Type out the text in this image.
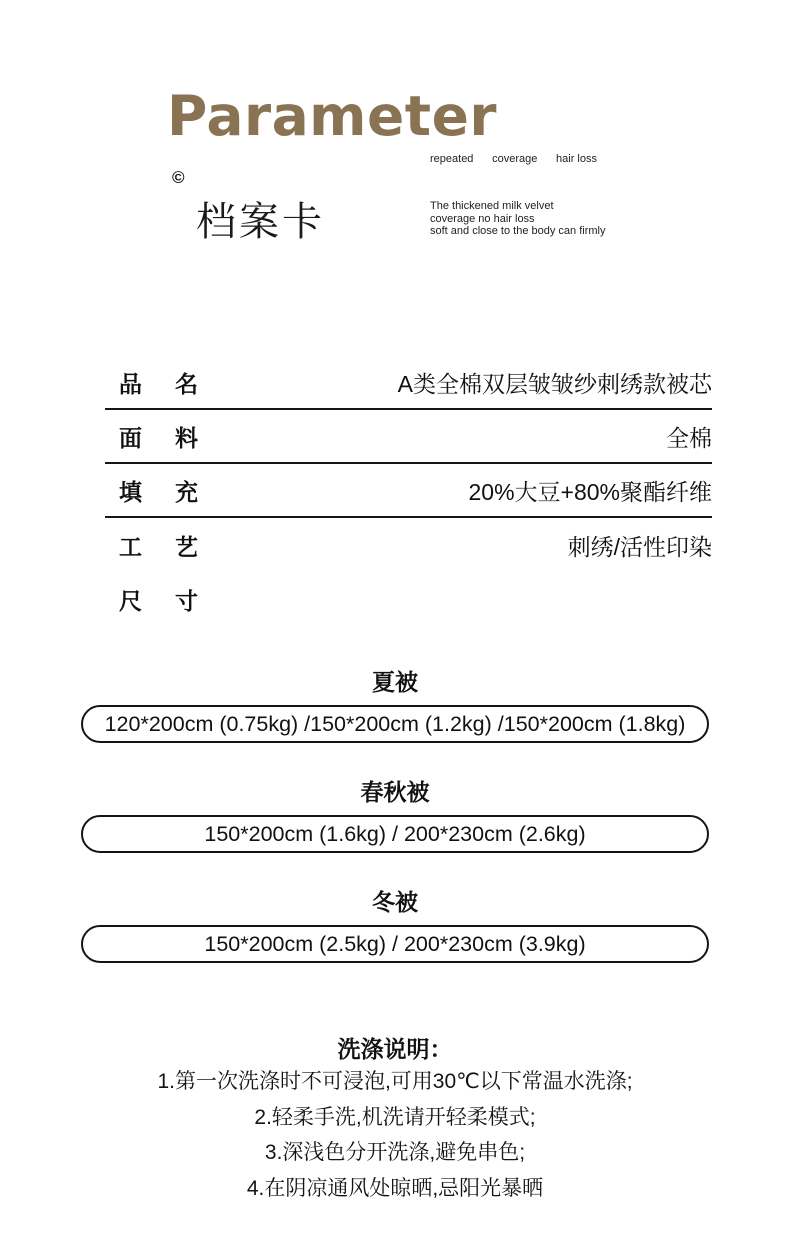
Parameter
©
档案卡
repeated coverage hair loss
The thickened milk velvet
coverage no hair loss
soft and close to the body can firmly
品 名	A类全棉双层皱皱纱刺绣款被芯
面 料	全棉
填 充	20%大豆+80%聚酯纤维
工 艺	刺绣/活性印染
尺 寸
夏被
120*200cm (0.75kg) /150*200cm (1.2kg) /150*200cm (1.8kg)
春秋被
150*200cm (1.6kg) / 200*230cm (2.6kg)
冬被
150*200cm (2.5kg) / 200*230cm (3.9kg)
洗涤说明：
1.第一次洗涤时不可浸泡,可用30℃以下常温水洗涤;
2.轻柔手洗,机洗请开轻柔模式;
3.深浅色分开洗涤,避免串色;
4.在阴凉通风处晾晒,忌阳光暴晒
